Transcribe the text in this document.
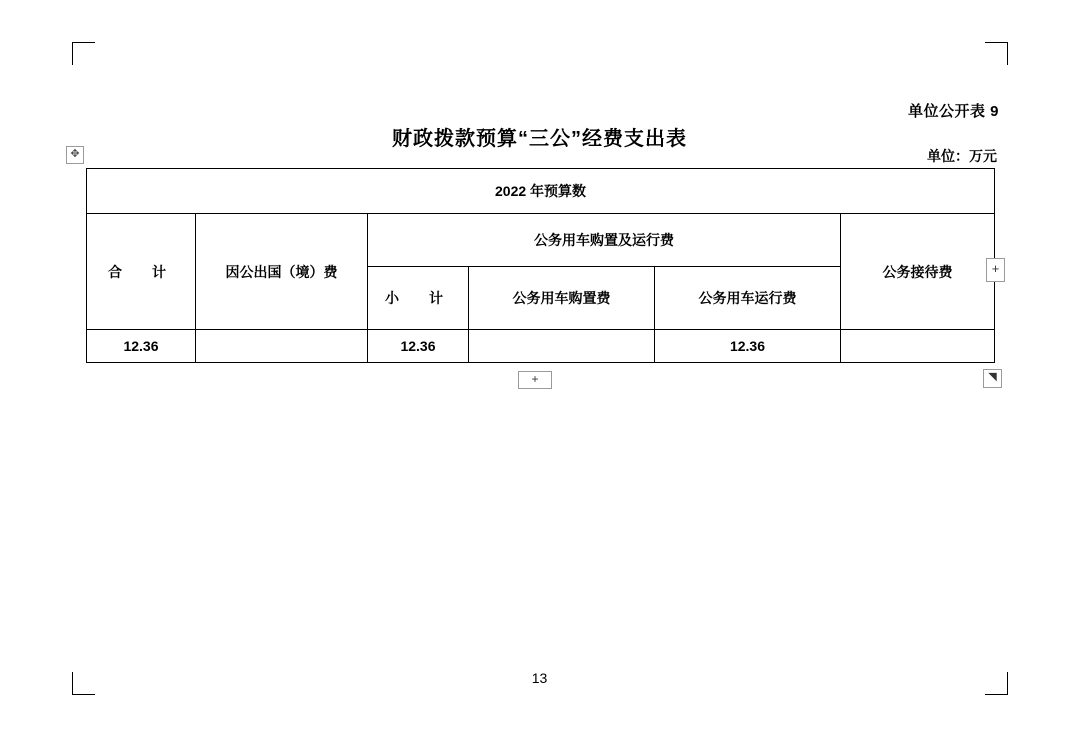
单位公开表 9
财政拨款预算“三公”经费支出表
单位：万元
2022 年预算数					
合　计	因公出国（境）费	公务用车购置及运行费			公务接待费
		小　计	公务用车购置费	公务用车运行费	
12.36		12.36		12.36	
✥
+
+	◥
13
